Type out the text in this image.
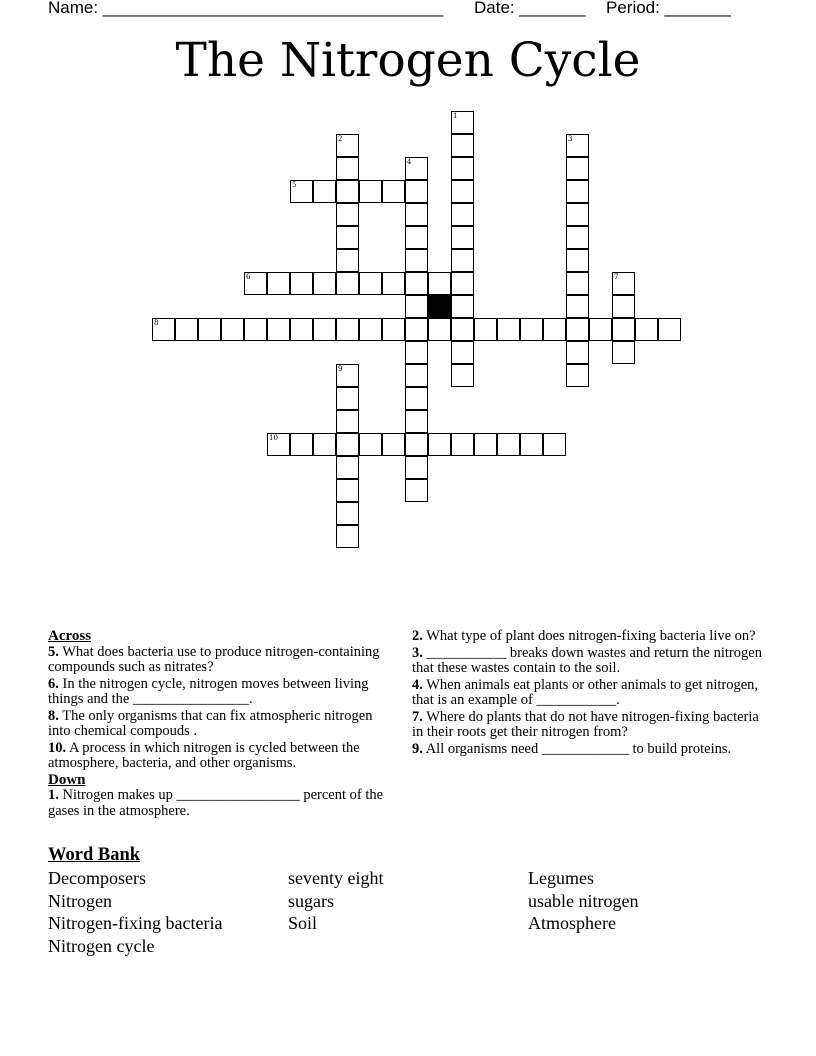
Name: ____________________________________ Date: _______ Period: _______
The Nitrogen Cycle
1
2	3
4
5
6	7
8
9
10
Across
5. What does bacteria use to produce nitrogen-containing compounds such as nitrates?
6. In the nitrogen cycle, nitrogen moves between living things and the ________________.
8. The only organisms that can fix atmospheric nitrogen into chemical compouds .
10. A process in which nitrogen is cycled between the atmosphere, bacteria, and other organisms.
Down
1. Nitrogen makes up _________________ percent of the gases in the atmosphere.
2. What type of plant does nitrogen-fixing bacteria live on?
3. ___________ breaks down wastes and return the nitrogen that these wastes contain to the soil.
4. When animals eat plants or other animals to get nitrogen, that is an example of ___________.
7. Where do plants that do not have nitrogen-fixing bacteria in their roots get their nitrogen from?
9. All organisms need ____________ to build proteins.
Word Bank
Decomposers
Nitrogen
Nitrogen-fixing bacteria
Nitrogen cycle
seventy eight
sugars
Soil
Legumes
usable nitrogen
Atmosphere
